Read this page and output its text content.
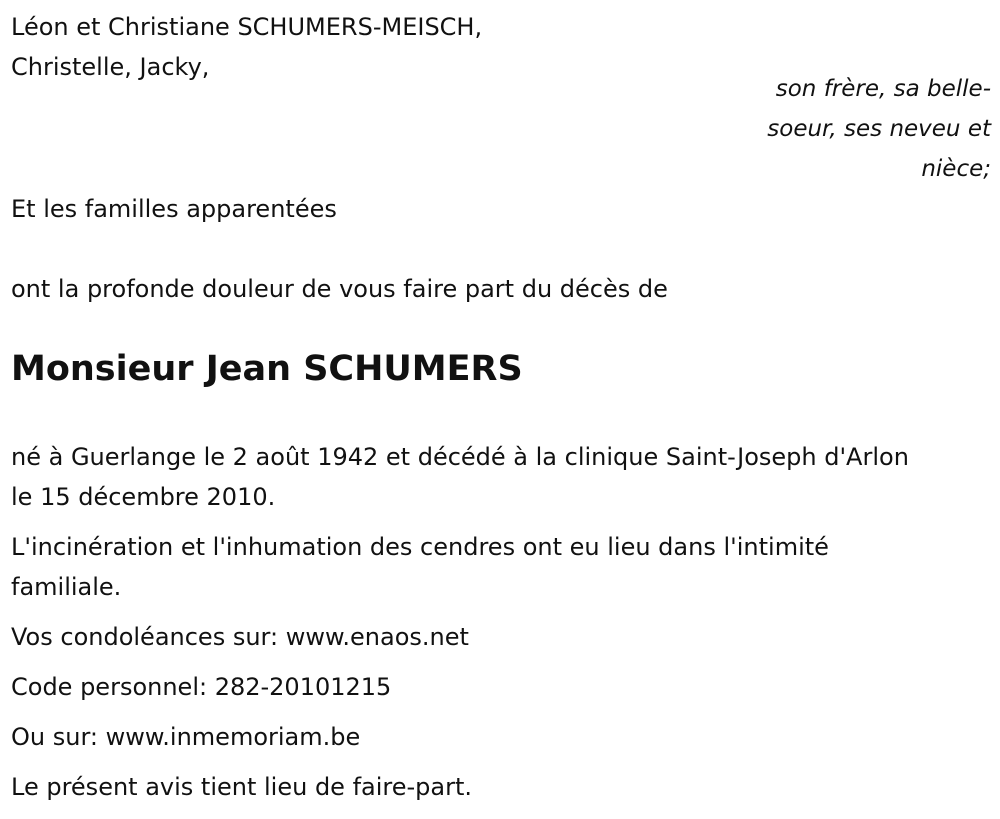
Léon et Christiane SCHUMERS-MEISCH,
Christelle, Jacky,
son frère, sa belle-
soeur, ses neveu et
nièce;
Et les familles apparentées
ont la profonde douleur de vous faire part du décès de
Monsieur Jean SCHUMERS
né à Guerlange le 2 août 1942 et décédé à la clinique Saint-Joseph d'Arlon
le 15 décembre 2010.
L'incinération et l'inhumation des cendres ont eu lieu dans l'intimité
familiale.
Vos condoléances sur: www.enaos.net
Code personnel: 282-20101215
Ou sur: www.inmemoriam.be
Le présent avis tient lieu de faire-part.
